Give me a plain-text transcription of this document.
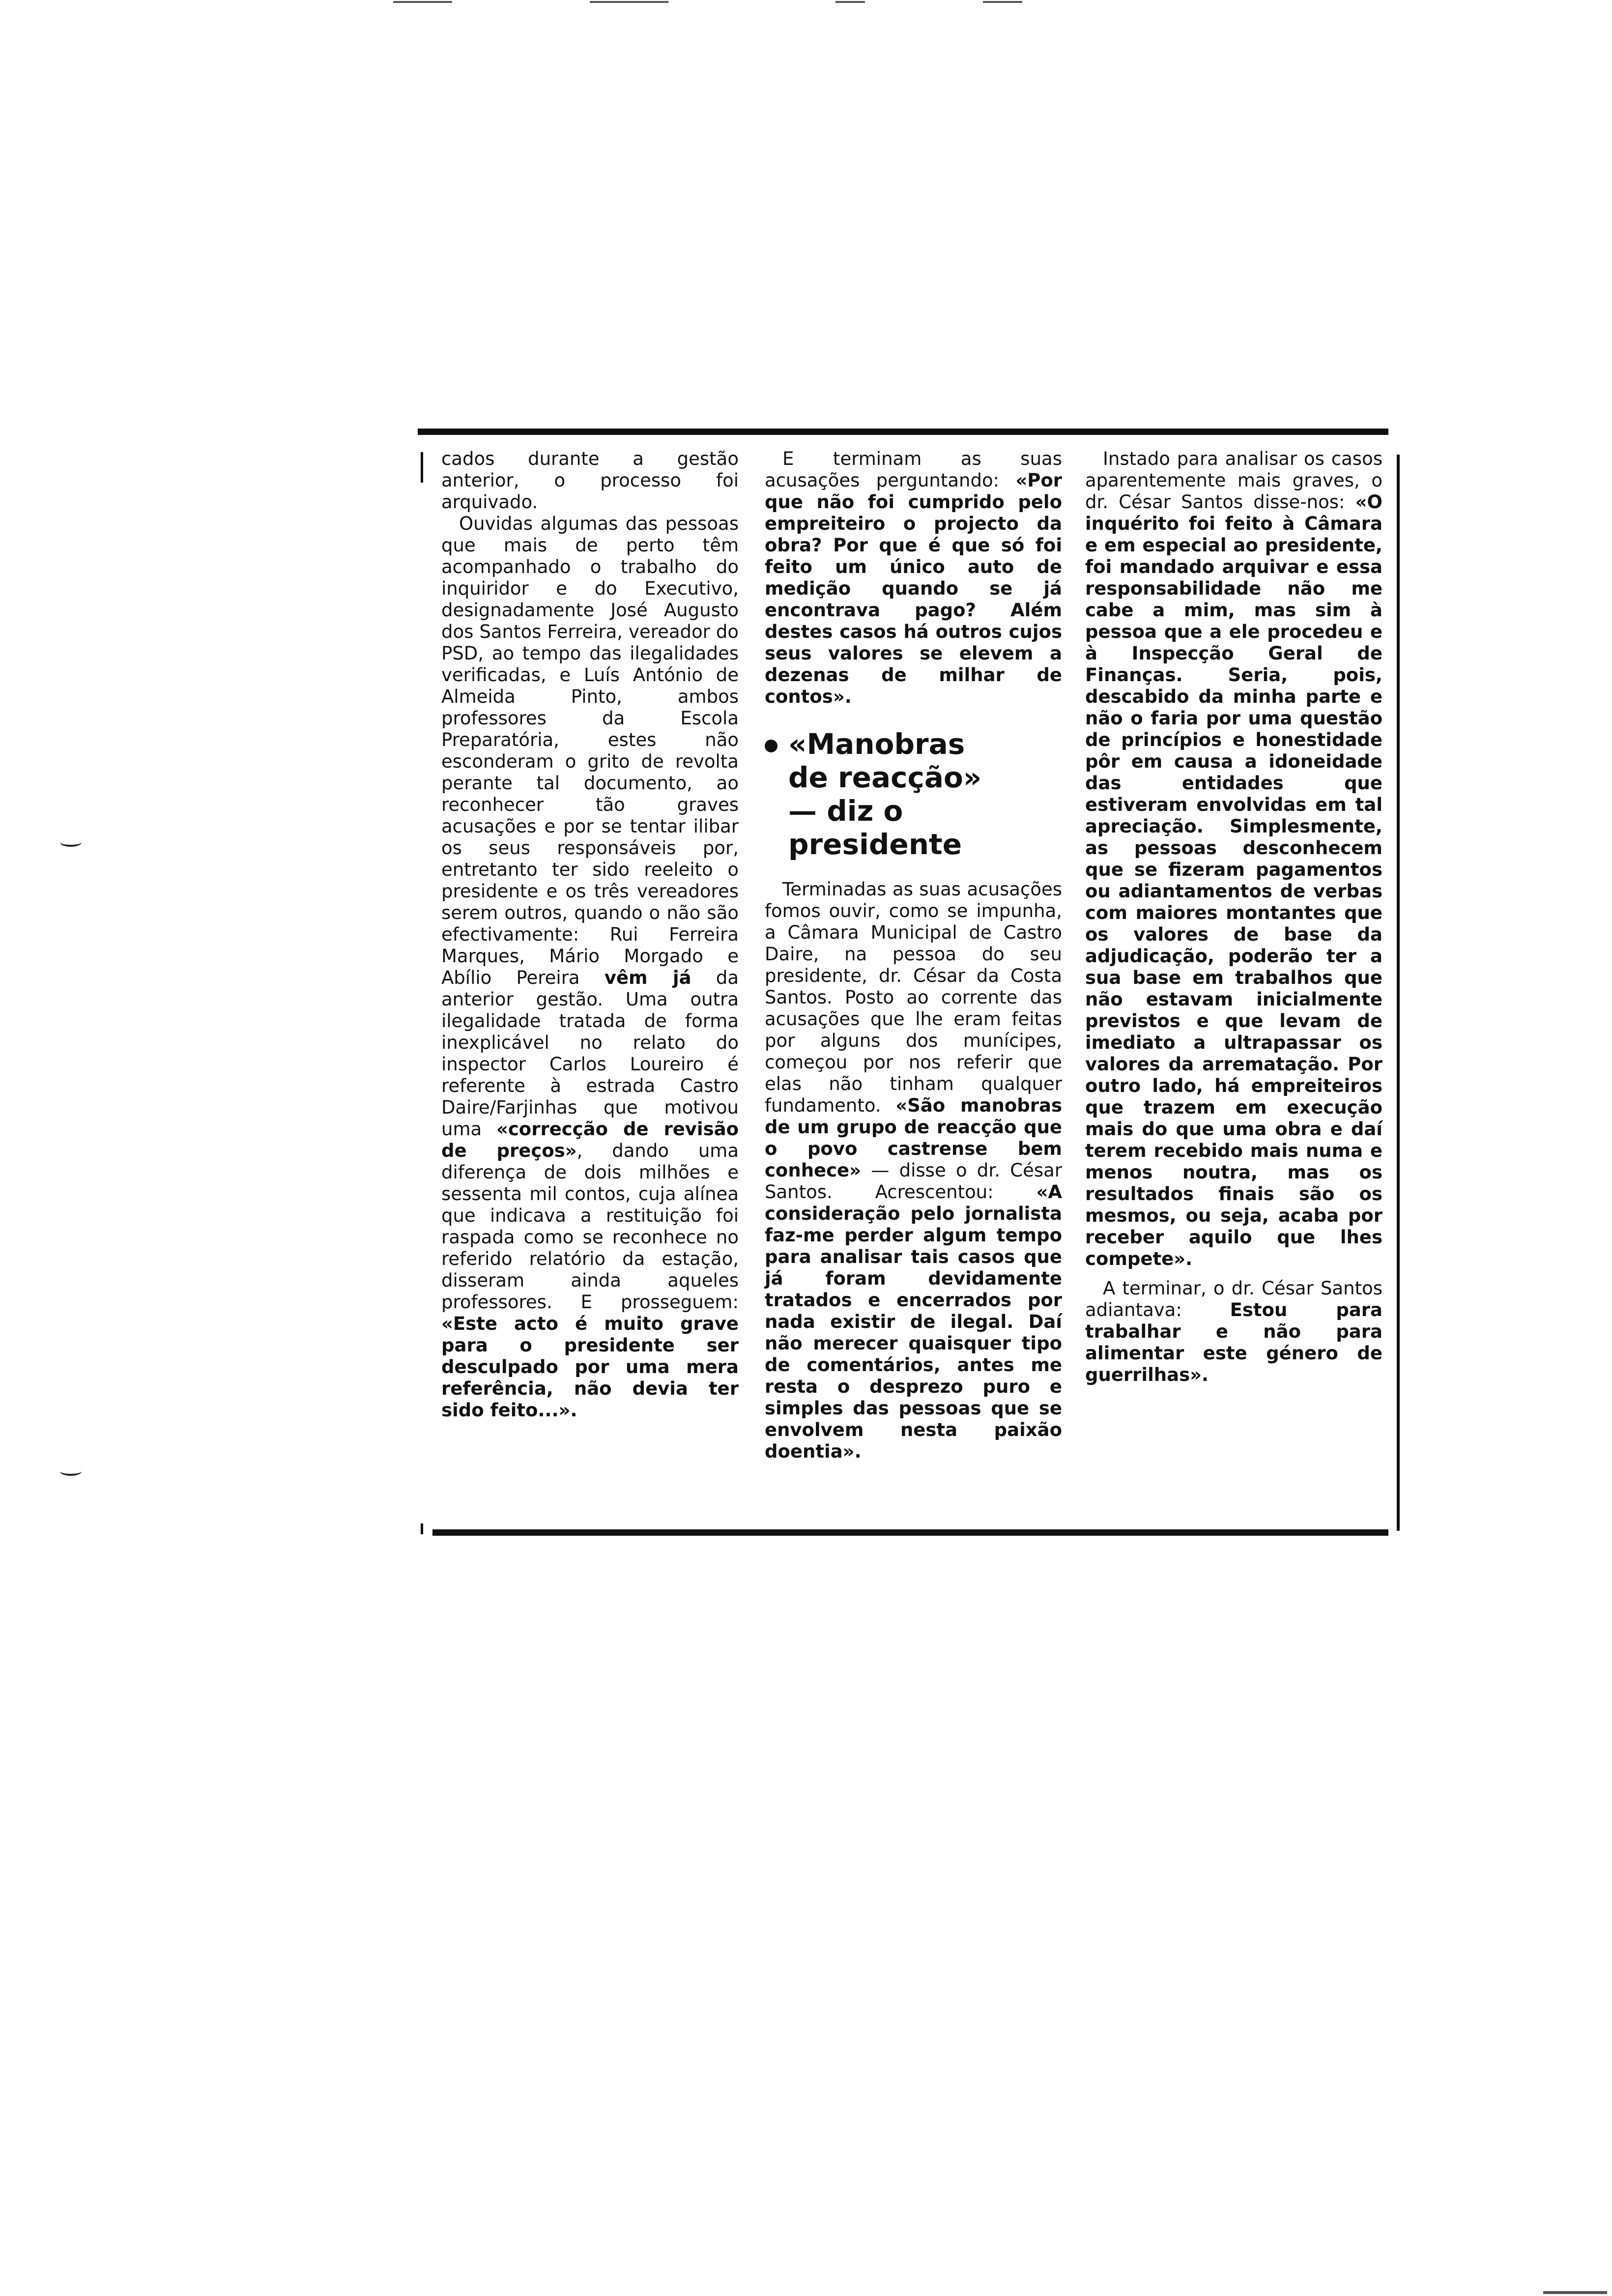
cados durante a gestão anterior, o processo foi arquivado.

Ouvidas algumas das pessoas que mais de perto têm acompanhado o trabalho do inquiridor e do Executivo, designadamente José Augusto dos Santos Ferreira, vereador do PSD, ao tempo das ilegalidades verificadas, e Luís António de Almeida Pinto, ambos professores da Escola Preparatória, estes não esconderam o grito de revolta perante tal documento, ao reconhecer tão graves acusações e por se tentar ilibar os seus responsáveis por, entretanto ter sido reeleito o presidente e os três vereadores serem outros, quando o não são efectivamente: Rui Ferreira Marques, Mário Morgado e Abílio Pereira vêm já da anterior gestão. Uma outra ilegalidade tratada de forma inexplicável no relato do inspector Carlos Loureiro é referente à estrada Castro Daire/Farjinhas que motivou uma «correcção de revisão de preços», dando uma diferença de dois milhões e sessenta mil contos, cuja alínea que indicava a restituição foi raspada como se reconhece no referido relatório da estação, disseram ainda aqueles professores. E prosseguem: «Este acto é muito grave para o presidente ser desculpado por uma mera referência, não devia ter sido feito...».

E terminam as suas acusações perguntando: «Por que não foi cumprido pelo empreiteiro o projecto da obra? Por que é que só foi feito um único auto de medição quando se já encontrava pago? Além destes casos há outros cujos seus valores se elevem a dezenas de milhar de contos».

«Manobras
de reacção»
— diz o
presidente

Terminadas as suas acusações fomos ouvir, como se impunha, a Câmara Municipal de Castro Daire, na pessoa do seu presidente, dr. César da Costa Santos. Posto ao corrente das acusações que lhe eram feitas por alguns dos munícipes, começou por nos referir que elas não tinham qualquer fundamento. «São manobras de um grupo de reacção que o povo castrense bem conhece» — disse o dr. César Santos. Acrescentou: «A consideração pelo jornalista faz-me perder algum tempo para analisar tais casos que já foram devidamente tratados e encerrados por nada existir de ilegal. Daí não merecer quaisquer tipo de comentários, antes me resta o desprezo puro e simples das pessoas que se envolvem nesta paixão doentia».

Instado para analisar os casos aparentemente mais graves, o dr. César Santos disse-nos: «O inquérito foi feito à Câmara e em especial ao presidente, foi mandado arquivar e essa responsabilidade não me cabe a mim, mas sim à pessoa que a ele procedeu e à Inspecção Geral de Finanças. Seria, pois, descabido da minha parte e não o faria por uma questão de princípios e honestidade pôr em causa a idoneidade das entidades que estiveram envolvidas em tal apreciação. Simplesmente, as pessoas desconhecem que se fizeram pagamentos ou adiantamentos de verbas com maiores montantes que os valores de base da adjudicação, poderão ter a sua base em trabalhos que não estavam inicialmente previstos e que levam de imediato a ultrapassar os valores da arrematação. Por outro lado, há empreiteiros que trazem em execução mais do que uma obra e daí terem recebido mais numa e menos noutra, mas os resultados finais são os mesmos, ou seja, acaba por receber aquilo que lhes compete».

A terminar, o dr. César Santos adiantava:	Estou para trabalhar e não para alimentar este género de guerrilhas».
